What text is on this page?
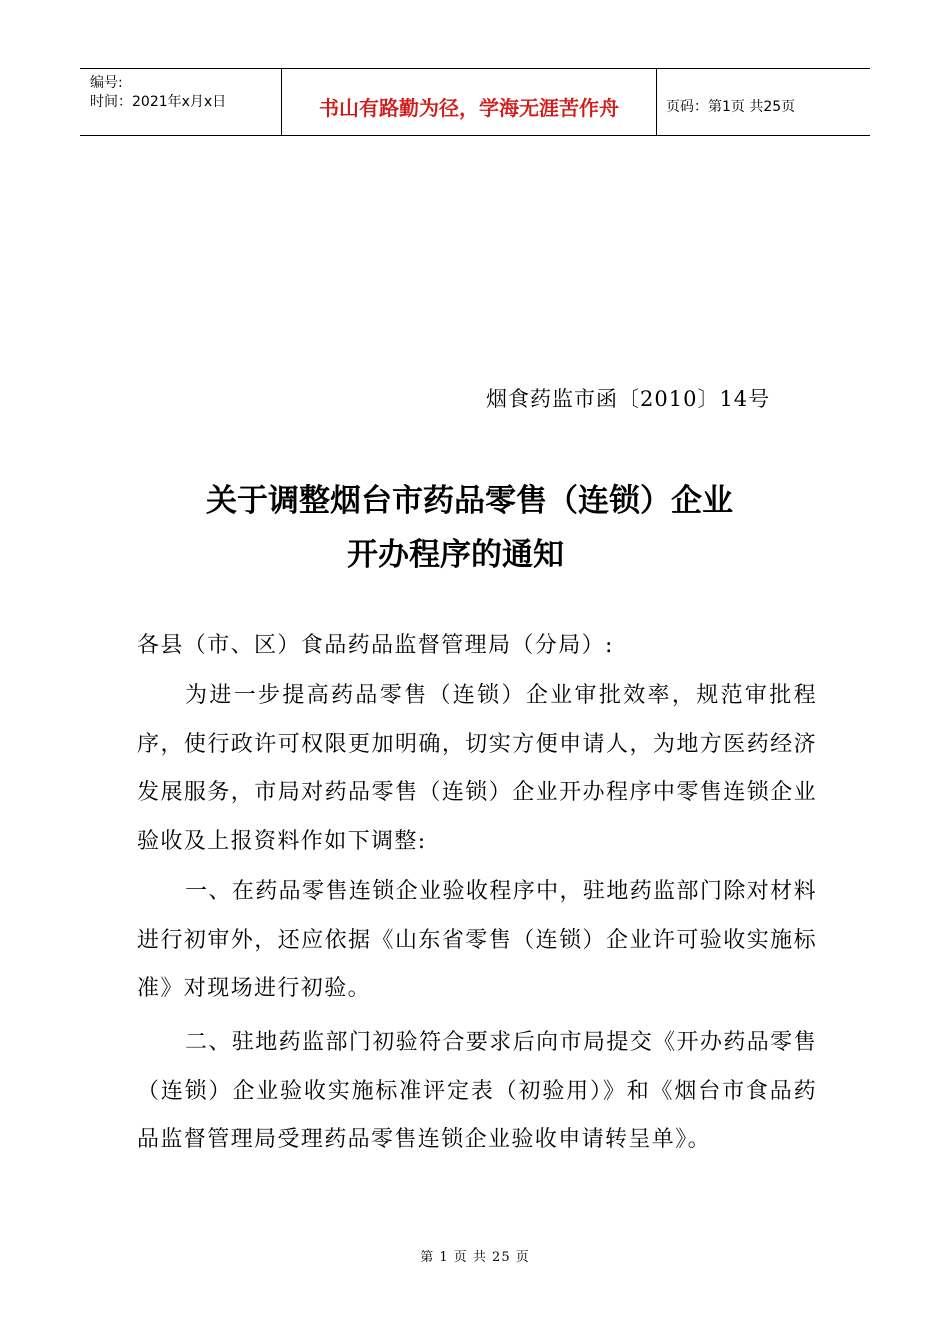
编号:
时间：2021年x月x日	书山有路勤为径，学海无涯苦作舟	页码：第1页 共25页
烟食药监市函〔2010〕14号
关于调整烟台市药品零售（连锁）企业
开办程序的通知
各县（市、区）食品药品监督管理局（分局）:
为进一步提高药品零售（连锁）企业审批效率，规范审批程序，使行政许可权限更加明确，切实方便申请人，为地方医药经济发展服务，市局对药品零售（连锁）企业开办程序中零售连锁企业验收及上报资料作如下调整:
一、在药品零售连锁企业验收程序中，驻地药监部门除对材料进行初审外，还应依据《山东省零售（连锁）企业许可验收实施标准》对现场进行初验。
二、驻地药监部门初验符合要求后向市局提交《开办药品零售（连锁）企业验收实施标准评定表（初验用）》和《烟台市食品药品监督管理局受理药品零售连锁企业验收申请转呈单》。
第 1 页 共 25 页
